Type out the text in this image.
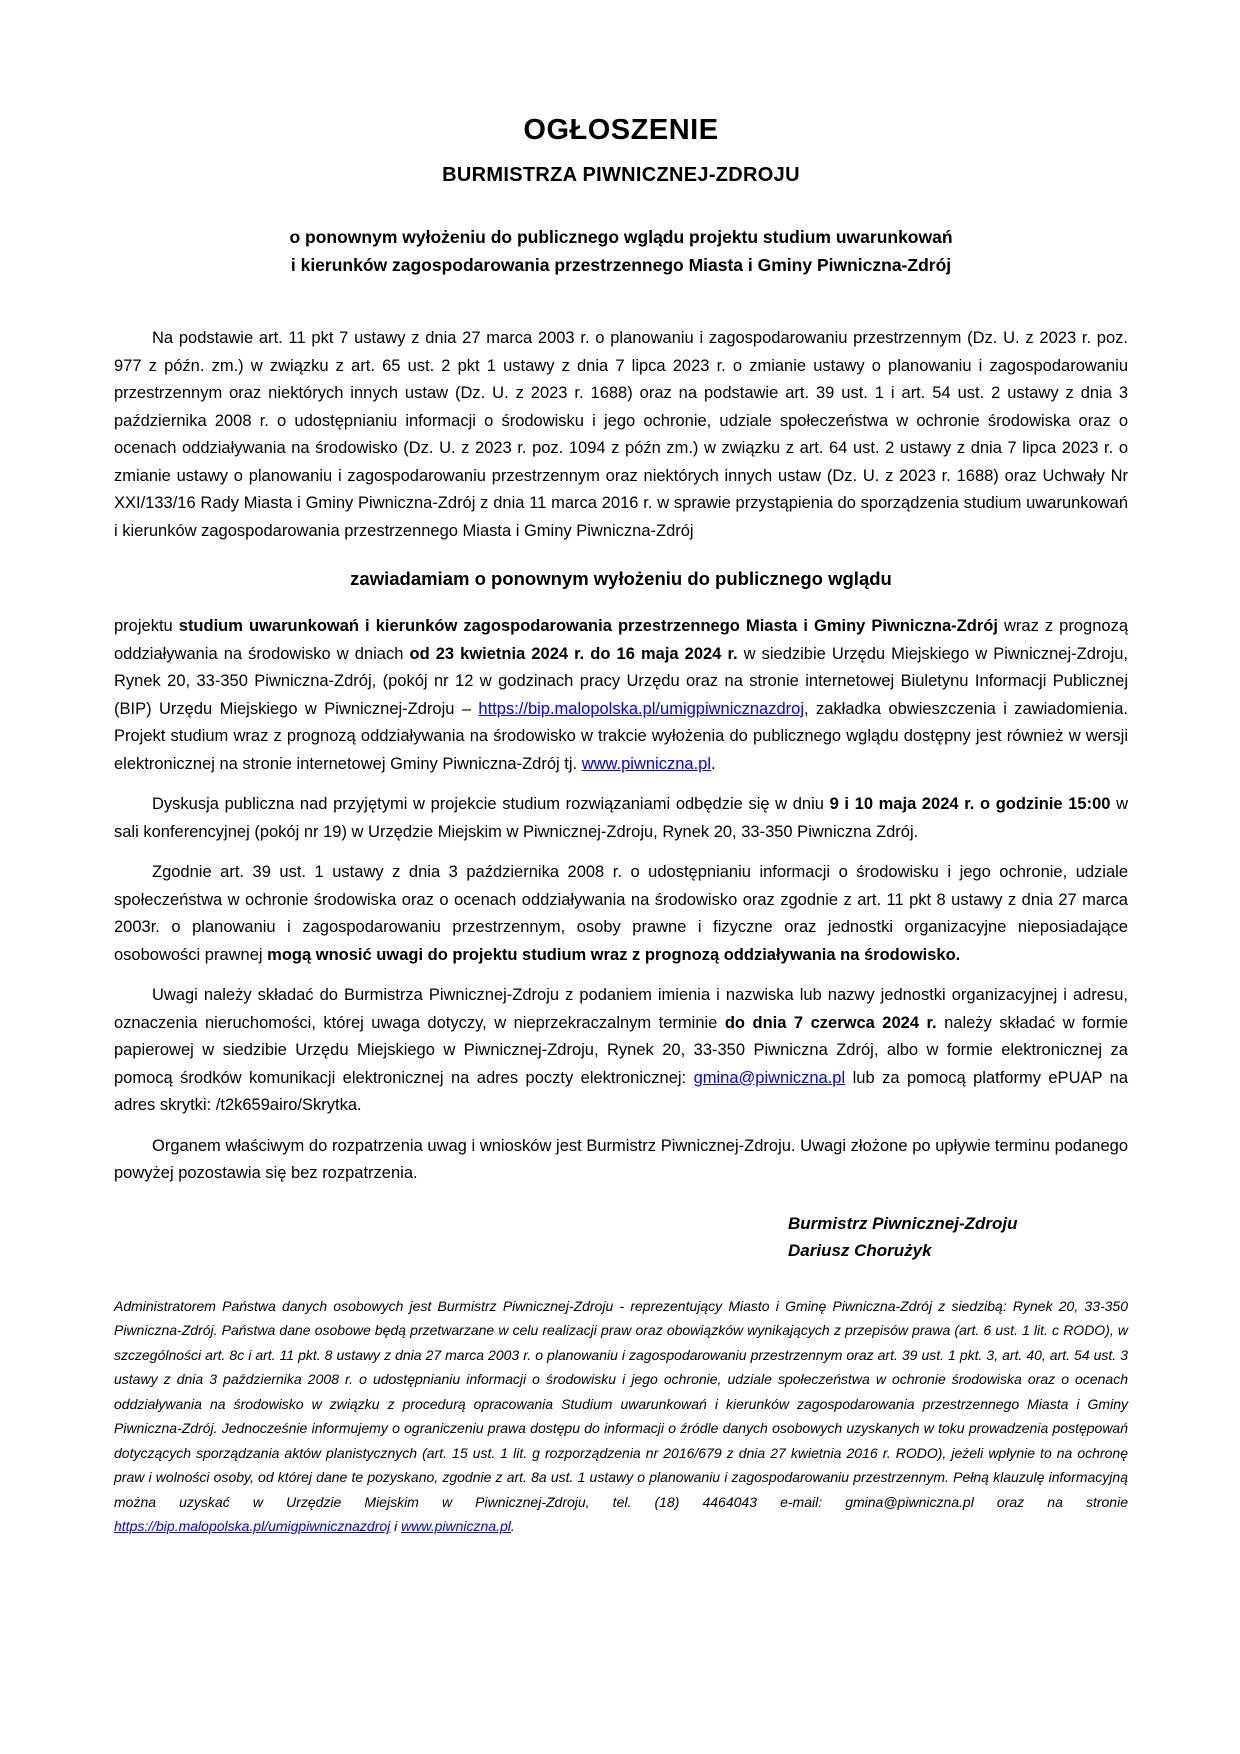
OGŁOSZENIE
BURMISTRZA PIWNICZNEJ-ZDROJU
o ponownym wyłożeniu do publicznego wglądu projektu studium uwarunkowań
i kierunków zagospodarowania przestrzennego Miasta i Gminy Piwniczna-Zdrój

Na podstawie art. 11 pkt 7 ustawy z dnia 27 marca 2003 r. o planowaniu i zagospodarowaniu przestrzennym (Dz. U. z 2023 r. poz. 977 z późn. zm.) w związku z art. 65 ust. 2 pkt 1 ustawy z dnia 7 lipca 2023 r. o zmianie ustawy o planowaniu i zagospodarowaniu przestrzennym oraz niektórych innych ustaw (Dz. U. z 2023 r. 1688) oraz na podstawie art. 39 ust. 1 i art. 54 ust. 2 ustawy z dnia 3 października 2008 r. o udostępnianiu informacji o środowisku i jego ochronie, udziale społeczeństwa w ochronie środowiska oraz o ocenach oddziaływania na środowisko (Dz. U. z 2023 r. poz. 1094 z późn zm.) w związku z art. 64 ust. 2 ustawy z dnia 7 lipca 2023 r. o zmianie ustawy o planowaniu i zagospodarowaniu przestrzennym oraz niektórych innych ustaw (Dz. U. z 2023 r. 1688) oraz Uchwały Nr XXI/133/16 Rady Miasta i Gminy Piwniczna-Zdrój z dnia 11 marca 2016 r. w sprawie przystąpienia do sporządzenia studium uwarunkowań i kierunków zagospodarowania przestrzennego Miasta i Gminy Piwniczna-Zdrój

zawiadamiam o ponownym wyłożeniu do publicznego wglądu

projektu studium uwarunkowań i kierunków zagospodarowania przestrzennego Miasta i Gminy Piwniczna-Zdrój wraz z prognozą oddziaływania na środowisko w dniach od 23 kwietnia 2024 r. do 16 maja 2024 r. w siedzibie Urzędu Miejskiego w Piwnicznej-Zdroju, Rynek 20, 33-350 Piwniczna-Zdrój, (pokój nr 12 w godzinach pracy Urzędu oraz na stronie internetowej Biuletynu Informacji Publicznej (BIP) Urzędu Miejskiego w Piwnicznej-Zdroju – https://bip.malopolska.pl/umigpiwnicznazdroj, zakładka obwieszczenia i zawiadomienia. Projekt studium wraz z prognozą oddziaływania na środowisko w trakcie wyłożenia do publicznego wglądu dostępny jest również w wersji elektronicznej na stronie internetowej Gminy Piwniczna-Zdrój tj. www.piwniczna.pl.

Dyskusja publiczna nad przyjętymi w projekcie studium rozwiązaniami odbędzie się w dniu 9 i 10 maja 2024 r. o godzinie 15:00 w sali konferencyjnej (pokój nr 19) w Urzędzie Miejskim w Piwnicznej-Zdroju, Rynek 20, 33-350 Piwniczna Zdrój.

Zgodnie art. 39 ust. 1 ustawy z dnia 3 października 2008 r. o udostępnianiu informacji o środowisku i jego ochronie, udziale społeczeństwa w ochronie środowiska oraz o ocenach oddziaływania na środowisko oraz zgodnie z art. 11 pkt 8 ustawy z dnia 27 marca 2003r. o planowaniu i zagospodarowaniu przestrzennym, osoby prawne i fizyczne oraz jednostki organizacyjne nieposiadające osobowości prawnej mogą wnosić uwagi do projektu studium wraz z prognozą oddziaływania na środowisko.

Uwagi należy składać do Burmistrza Piwnicznej-Zdroju z podaniem imienia i nazwiska lub nazwy jednostki organizacyjnej i adresu, oznaczenia nieruchomości, której uwaga dotyczy, w nieprzekraczalnym terminie do dnia 7 czerwca 2024 r. należy składać w formie papierowej w siedzibie Urzędu Miejskiego w Piwnicznej-Zdroju, Rynek 20, 33-350 Piwniczna Zdrój, albo w formie elektronicznej za pomocą środków komunikacji elektronicznej na adres poczty elektronicznej: gmina@piwniczna.pl lub za pomocą platformy ePUAP na adres skrytki: /t2k659airo/Skrytka.

Organem właściwym do rozpatrzenia uwag i wniosków jest Burmistrz Piwnicznej-Zdroju. Uwagi złożone po upływie terminu podanego powyżej pozostawia się bez rozpatrzenia.

Burmistrz Piwnicznej-Zdroju
Dariusz Chorużyk

Administratorem Państwa danych osobowych jest Burmistrz Piwnicznej-Zdroju - reprezentujący Miasto i Gminę Piwniczna-Zdrój z siedzibą: Rynek 20, 33-350 Piwniczna-Zdrój. Państwa dane osobowe będą przetwarzane w celu realizacji praw oraz obowiązków wynikających z przepisów prawa (art. 6 ust. 1 lit. c RODO), w szczególności art. 8c i art. 11 pkt. 8 ustawy z dnia 27 marca 2003 r. o planowaniu i zagospodarowaniu przestrzennym oraz art. 39 ust. 1 pkt. 3, art. 40, art. 54 ust. 3 ustawy z dnia 3 października 2008 r. o udostępnianiu informacji o środowisku i jego ochronie, udziale społeczeństwa w ochronie środowiska oraz o ocenach oddziaływania na środowisko w związku z procedurą opracowania Studium uwarunkowań i kierunków zagospodarowania przestrzennego Miasta i Gminy Piwniczna-Zdrój. Jednocześnie informujemy o ograniczeniu prawa dostępu do informacji o źródle danych osobowych uzyskanych w toku prowadzenia postępowań dotyczących sporządzania aktów planistycznych (art. 15 ust. 1 lit. g rozporządzenia nr 2016/679 z dnia 27 kwietnia 2016 r. RODO), jeżeli wpłynie to na ochronę praw i wolności osoby, od której dane te pozyskano, zgodnie z art. 8a ust. 1 ustawy o planowaniu i zagospodarowaniu przestrzennym. Pełną klauzulę informacyjną można uzyskać w Urzędzie Miejskim w Piwnicznej-Zdroju, tel. (18) 4464043 e-mail: gmina@piwniczna.pl oraz na stronie https://bip.malopolska.pl/umigpiwnicznazdroj i www.piwniczna.pl.
